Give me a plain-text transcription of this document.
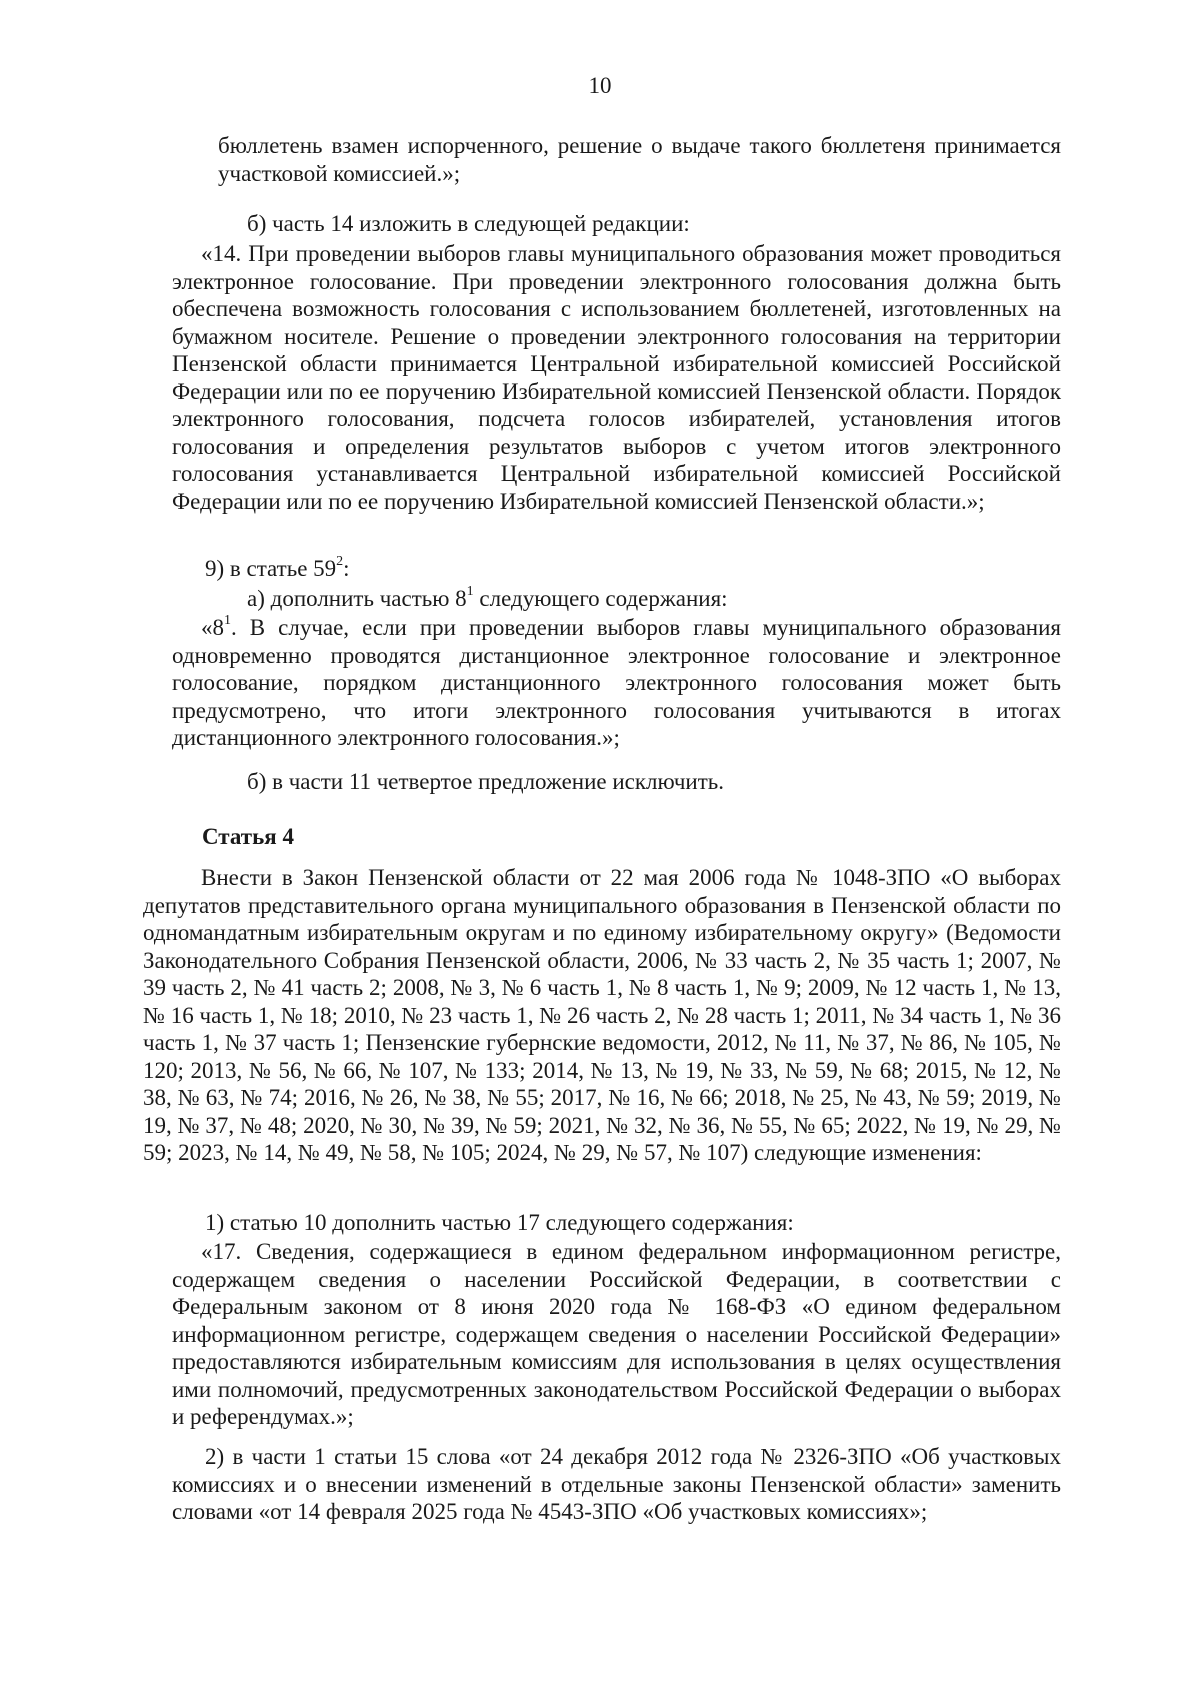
10

бюллетень взамен испорченного, решение о выдаче такого бюллетеня принимается участковой комиссией.»;

б) часть 14 изложить в следующей редакции:

«14. При проведении выборов главы муниципального образования может проводиться электронное голосование. При проведении электронного голосования должна быть обеспечена возможность голосования с использованием бюллетеней, изготовленных на бумажном носителе. Решение о проведении электронного голосования на территории Пензенской области принимается Центральной избирательной комиссией Российской Федерации или по ее поручению Избирательной комиссией Пензенской области. Порядок электронного голосования, подсчета голосов избирателей, установления итогов голосования и определения результатов выборов с учетом итогов электронного голосования устанавливается Центральной избирательной комиссией Российской Федерации или по ее поручению Избирательной комиссией Пензенской области.»;

9) в статье $59^2$:

а) дополнить частью $8^1$ следующего содержания:

«$8^1$. В случае, если при проведении выборов главы муниципального образования одновременно проводятся дистанционное электронное голосование и электронное голосование, порядком дистанционного электронного голосования может быть предусмотрено, что итоги электронного голосования учитываются в итогах дистанционного электронного голосования.»;

б) в части 11 четвертое предложение исключить.

Статья 4

Внести в Закон Пензенской области от 22 мая 2006 года № 1048-ЗПО «О выборах депутатов представительного органа муниципального образования в Пензенской области по одномандатным избирательным округам и по единому избирательному округу» (Ведомости Законодательного Собрания Пензенской области, 2006, № 33 часть 2, № 35 часть 1; 2007, № 39 часть 2, № 41 часть 2; 2008, № 3, № 6 часть 1, № 8 часть 1, № 9; 2009, № 12 часть 1, № 13, № 16 часть 1, № 18; 2010, № 23 часть 1, № 26 часть 2, № 28 часть 1; 2011, № 34 часть 1, № 36 часть 1, № 37 часть 1; Пензенские губернские ведомости, 2012, № 11, № 37, № 86, № 105, № 120; 2013, № 56, № 66, № 107, № 133; 2014, № 13, № 19, № 33, № 59, № 68; 2015, № 12, № 38, № 63, № 74; 2016, № 26, № 38, № 55; 2017, № 16, № 66; 2018, № 25, № 43, № 59; 2019, № 19, № 37, № 48; 2020, № 30, № 39, № 59; 2021, № 32, № 36, № 55, № 65; 2022, № 19, № 29, № 59; 2023, № 14, № 49, № 58, № 105; 2024, № 29, № 57, № 107) следующие изменения:

1) статью 10 дополнить частью 17 следующего содержания:

«17. Сведения, содержащиеся в едином федеральном информационном регистре, содержащем сведения о населении Российской Федерации, в соответствии с Федеральным законом от 8 июня 2020 года № 168-ФЗ «О едином федеральном информационном регистре, содержащем сведения о населении Российской Федерации» предоставляются избирательным комиссиям для использования в целях осуществления ими полномочий, предусмотренных законодательством Российской Федерации о выборах и референдумах.»;

2) в части 1 статьи 15 слова «от 24 декабря 2012 года № 2326-ЗПО «Об участковых комиссиях и о внесении изменений в отдельные законы Пензенской области» заменить словами «от 14 февраля 2025 года № 4543-ЗПО «Об участковых комиссиях»;
